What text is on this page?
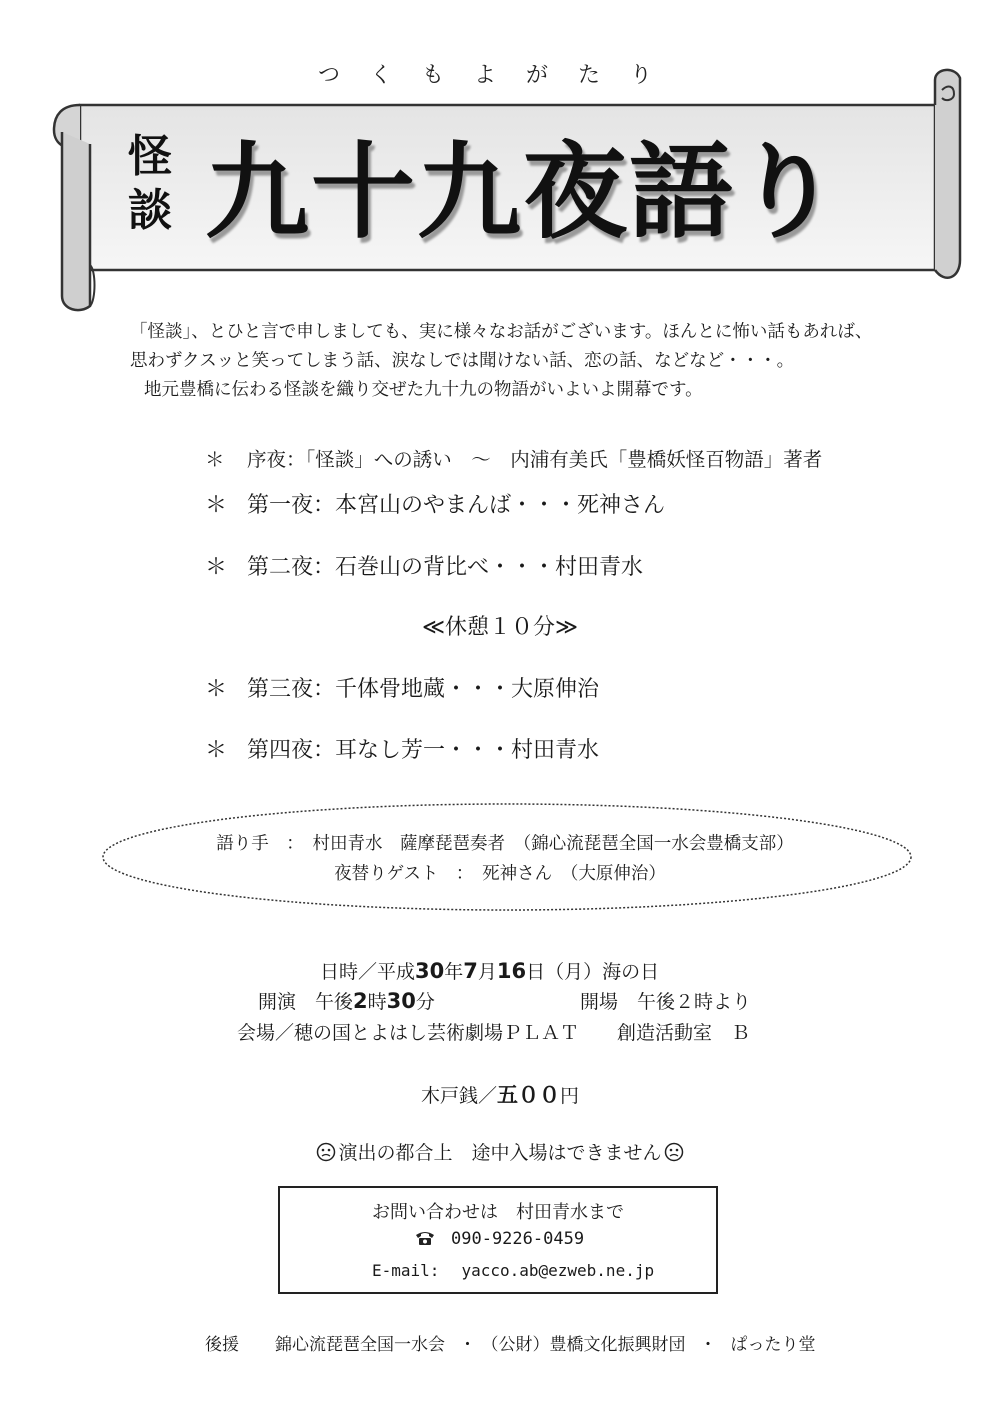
つくもよがたり
怪談 九十九夜語り
「怪談」、とひと言で申しましても、実に様々なお話がございます。ほんとに怖い話もあれば、
思わずクスッと笑ってしまう話、涙なしでは聞けない話、恋の話、などなど・・・。
地元豊橋に伝わる怪談を織り交ぜた九十九の物語がいよいよ開幕です。
＊ 序夜：「怪談」への誘い　～　内浦有美氏「豊橋妖怪百物語」著者
＊ 第一夜：本宮山のやまんば・・・死神さん
＊ 第二夜：石巻山の背比べ・・・村田青水
≪休憩１０分≫
＊ 第三夜：千体骨地蔵・・・大原伸治
＊ 第四夜：耳なし芳一・・・村田青水
語り手　：　村田青水　薩摩琵琶奏者　（錦心流琵琶全国一水会豊橋支部）
夜替りゲスト　：　死神さん　（大原伸治）
日時／平成30年7月16日（月）海の日
開演　午後2時30分	開場　午後２時より
会場／穂の国とよはし芸術劇場ＰＬＡＴ　　創造活動室　Ｂ
木戸銭／五００円
演出の都合上　途中入場はできません
お問い合わせは　村田青水まで
090-9226-0459
E-mail: yacco.ab@ezweb.ne.jp
後援 錦心流琵琶全国一水会 ・ （公財）豊橋文化振興財団 ・ ぱったり堂
